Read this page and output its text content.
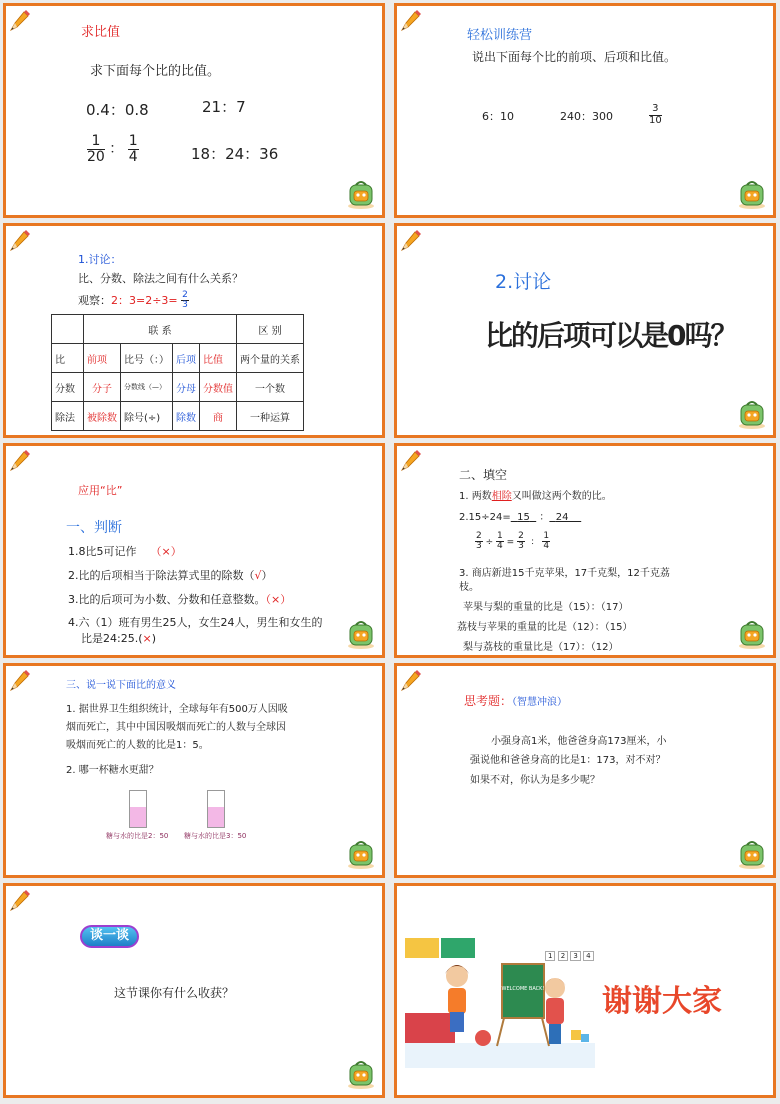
求比值
求下面每个比的比值。
0.4：0.8	21：7
$\frac{1}{20}$ ： $\frac{1}{4}$	18：24：36
轻松训练营
说出下面每个比的前项、后项和比值。
6：10	240：300	$\frac{3}{10}$
1.讨论：
比、分数、除法之间有什么关系？
观察：2：$3=2\div 3= \frac{2}{3}$
	联 系				区 别
比	前项	比号（：）	后项	比值	两个量的关系
分数	分子	分数线（—）	分母	分数值	一个数
除法	被除数	除号(÷)	除数	商	一种运算
2.讨论
比的后项可以是0吗？
应用“比”
一、判断
1.8比5可记作 （×）
2.比的后项相当于除法算式里的除数（√）
3.比的后项可为小数、分数和任意整数。（×）
4.六（1）班有男生25人，女生24人，男生和女生的
比是24:25.(×)
二、填空
1. 两数相除又叫做这两个数的比。
2.15÷24= 15 ： 24
$\frac{2}{3} \div \frac{1}{4} = \frac{2}{3}$ ： $\frac{1}{4}$
3. 商店新进15千克苹果，17千克梨，12千克荔
枝。
苹果与梨的重量的比是（15）：（17）
荔枝与苹果的重量的比是（12）：（15）
梨与荔枝的重量比是（17）：（12）
三、说一说下面比的意义
1. 据世界卫生组织统计，全球每年有500万人因吸
烟而死亡，其中中国因吸烟而死亡的人数与全球因
吸烟而死亡的人数的比是1：5。
2. 哪一杯糖水更甜？
糖与水的比是2：50 糖与水的比是3：50
思考题：（智慧冲浪）
小强身高1米，他爸爸身高173厘米，小
强说他和爸爸身高的比是1：173，对不对？
如果不对，你认为是多少呢？
谈一谈
这节课你有什么收获？	WELCOME BACK!
1 2 3 4
谢谢大家
